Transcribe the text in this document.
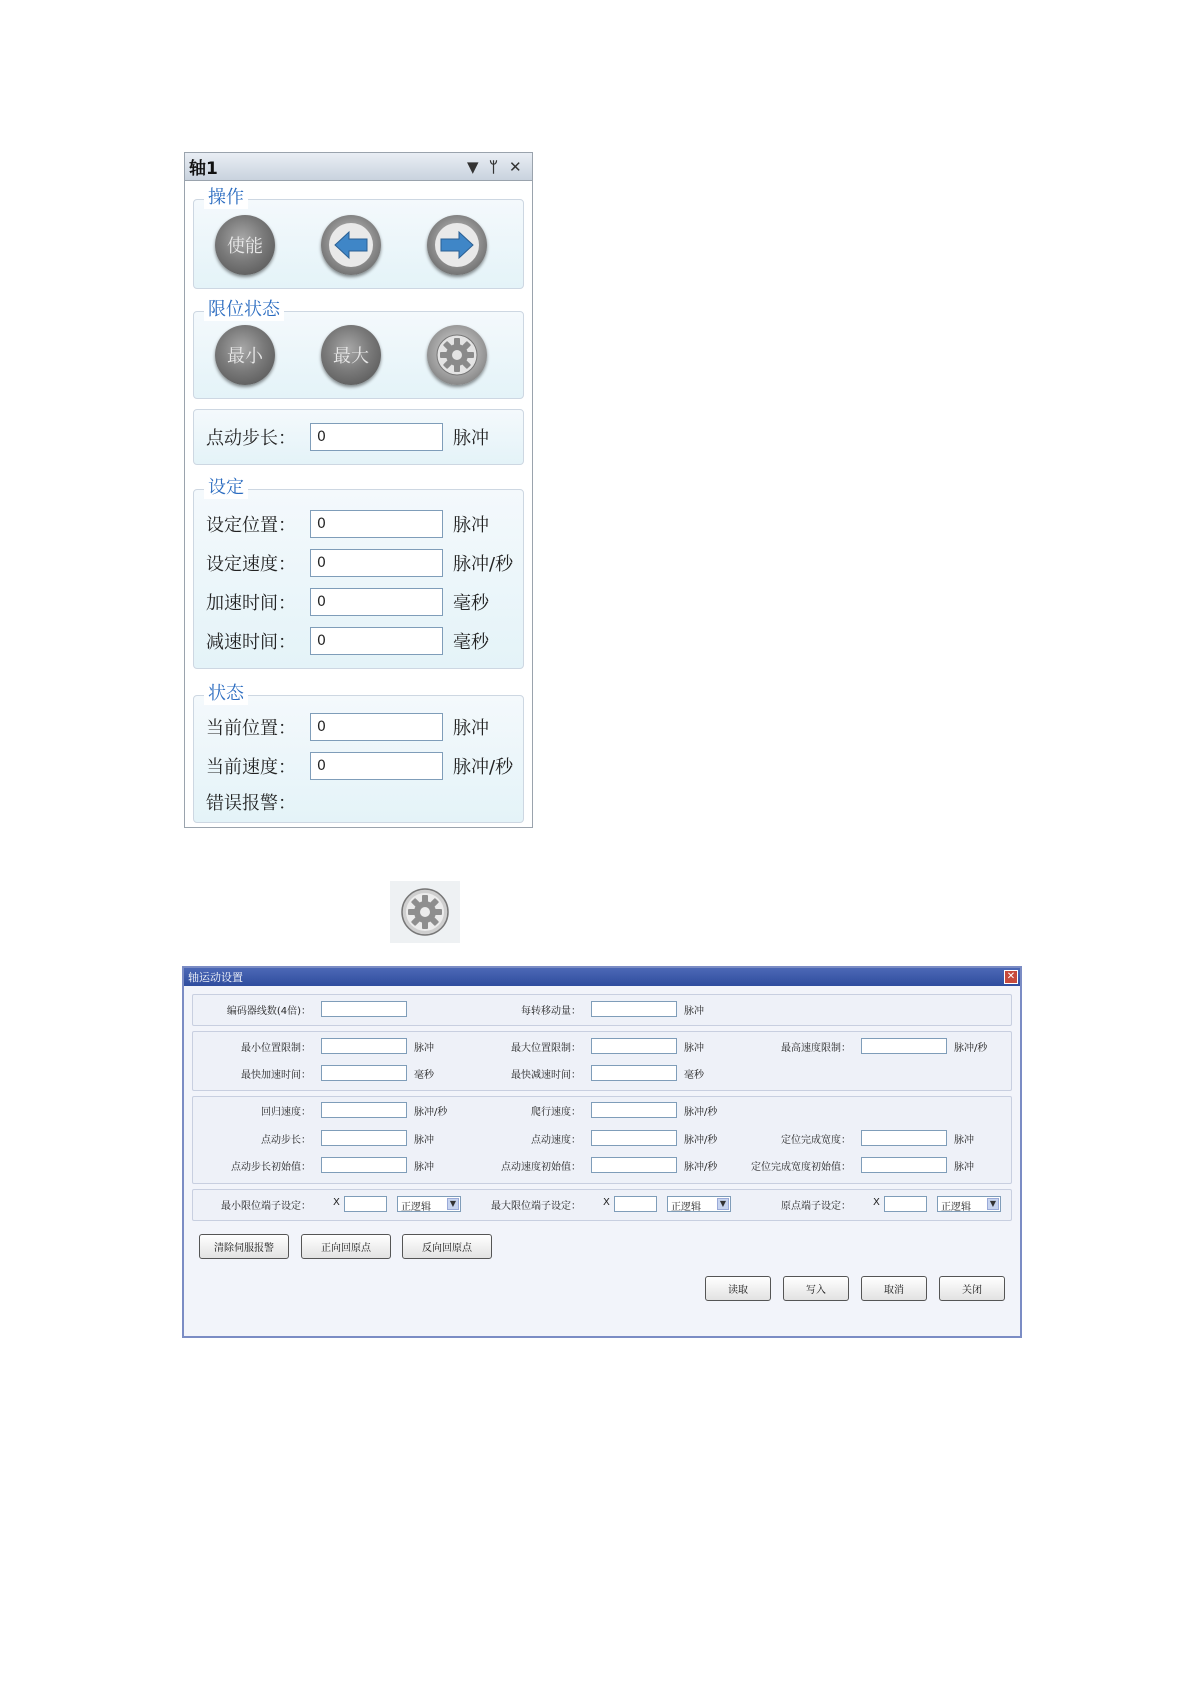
轴1	▼ ᛘ ✕
操作
使能
限位状态
最小	最大
点动步长：	0	脉冲
设定
设定位置：	0	脉冲
设定速度：	0	脉冲/秒
加速时间：	0	毫秒
减速时间：	0	毫秒
状态
当前位置：	0	脉冲
当前速度：	0	脉冲/秒
错误报警：
轴运动设置	✕
编码器线数(4倍)：	每转移动量：	脉冲
最小位置限制：	脉冲	最大位置限制：	脉冲	最高速度限制：	脉冲/秒
最快加速时间：	毫秒	最快减速时间：	毫秒
回归速度：	脉冲/秒	爬行速度：	脉冲/秒
点动步长：	脉冲	点动速度：	脉冲/秒	定位完成宽度：	脉冲
点动步长初始值：	脉冲	点动速度初始值：	脉冲/秒	定位完成宽度初始值：	脉冲
最小限位端子设定： X	正逻辑	▼	最大限位端子设定： X	正逻辑	▼	原点端子设定： X	正逻辑	▼
清除伺服报警	正向回原点	反向回原点
读取	写入	取消	关闭
